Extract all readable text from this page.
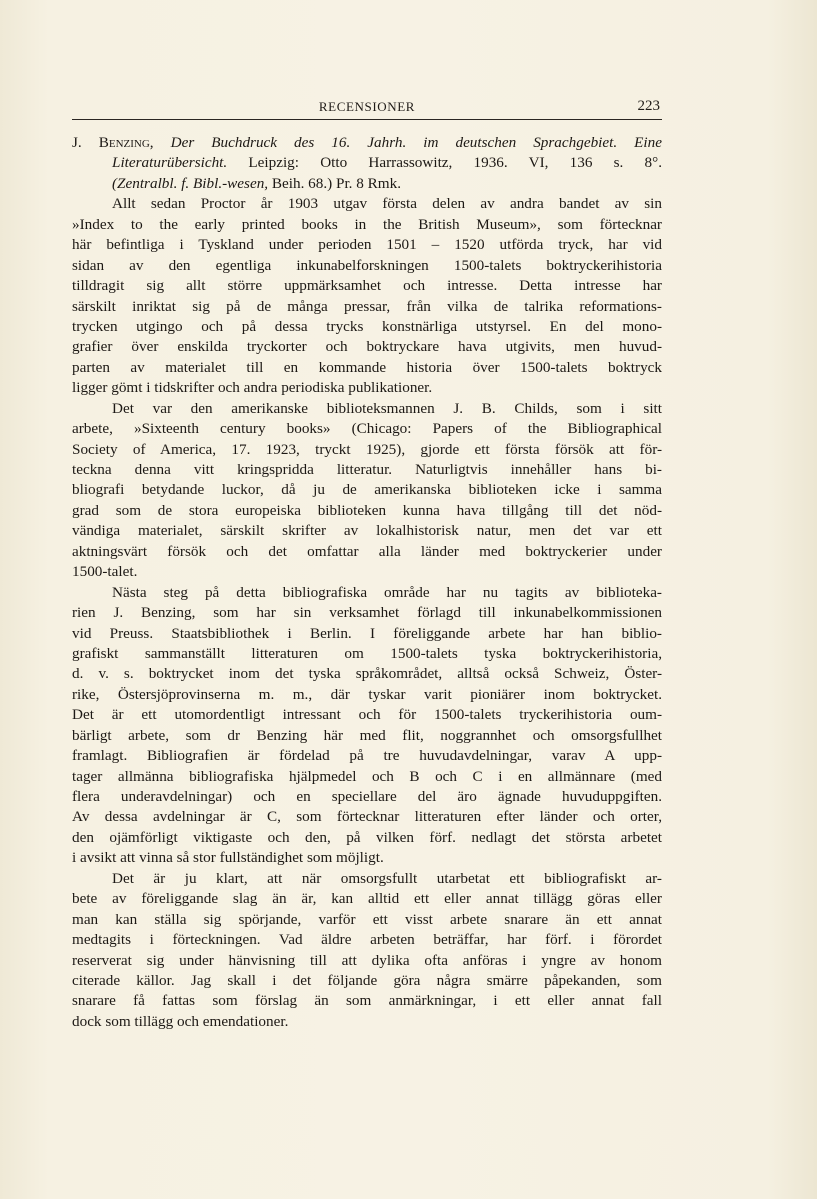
RECENSIONER	223
J. Benzing, Der Buchdruck des 16. Jahrh. im deutschen Sprachgebiet. Eine
Literaturübersicht. Leipzig: Otto Harrassowitz, 1936. VI, 136 s. 8°.
(Zentralbl. f. Bibl.-wesen, Beih. 68.) Pr. 8 Rmk.

Allt sedan Proctor år 1903 utgav första delen av andra bandet av sin
»Index to the early printed books in the British Museum», som förtecknar
här befintliga i Tyskland under perioden 1501 – 1520 utförda tryck, har vid
sidan av den egentliga inkunabelforskningen 1500-talets boktryckerihistoria
tilldragit sig allt större uppmärksamhet och intresse. Detta intresse har
särskilt inriktat sig på de många pressar, från vilka de talrika reformations-
trycken utgingo och på dessa trycks konstnärliga utstyrsel. En del mono-
grafier över enskilda tryckorter och boktryckare hava utgivits, men huvud-
parten av materialet till en kommande historia över 1500-talets boktryck
ligger gömt i tidskrifter och andra periodiska publikationer.

Det var den amerikanske biblioteksmannen J. B. Childs, som i sitt
arbete, »Sixteenth century books» (Chicago: Papers of the Bibliographical
Society of America, 17. 1923, tryckt 1925), gjorde ett första försök att för-
teckna denna vitt kringspridda litteratur. Naturligtvis innehåller hans bi-
bliografi betydande luckor, då ju de amerikanska biblioteken icke i samma
grad som de stora europeiska biblioteken kunna hava tillgång till det nöd-
vändiga materialet, särskilt skrifter av lokalhistorisk natur, men det var ett
aktningsvärt försök och det omfattar alla länder med boktryckerier under
1500-talet.

Nästa steg på detta bibliografiska område har nu tagits av biblioteka-
rien J. Benzing, som har sin verksamhet förlagd till inkunabelkommissionen
vid Preuss. Staatsbibliothek i Berlin. I föreliggande arbete har han biblio-
grafiskt sammanställt litteraturen om 1500-talets tyska boktryckerihistoria,
d. v. s. boktrycket inom det tyska språkområdet, alltså också Schweiz, Öster-
rike, Östersjöprovinserna m. m., där tyskar varit pioniärer inom boktrycket.
Det är ett utomordentligt intressant och för 1500-talets tryckerihistoria oum-
bärligt arbete, som dr Benzing här med flit, noggrannhet och omsorgsfullhet
framlagt. Bibliografien är fördelad på tre huvudavdelningar, varav A upp-
tager allmänna bibliografiska hjälpmedel och B och C i en allmännare (med
flera underavdelningar) och en speciellare del äro ägnade huvuduppgiften.
Av dessa avdelningar är C, som förtecknar litteraturen efter länder och orter,
den ojämförligt viktigaste och den, på vilken förf. nedlagt det största arbetet
i avsikt att vinna så stor fullständighet som möjligt.

Det är ju klart, att när omsorgsfullt utarbetat ett bibliografiskt ar-
bete av föreliggande slag än är, kan alltid ett eller annat tillägg göras eller
man kan ställa sig spörjande, varför ett visst arbete snarare än ett annat
medtagits i förteckningen. Vad äldre arbeten beträffar, har förf. i förordet
reserverat sig under hänvisning till att dylika ofta anföras i yngre av honom
citerade källor. Jag skall i det följande göra några smärre påpekanden, som
snarare få fattas som förslag än som anmärkningar, i ett eller annat fall
dock som tillägg och emendationer.
